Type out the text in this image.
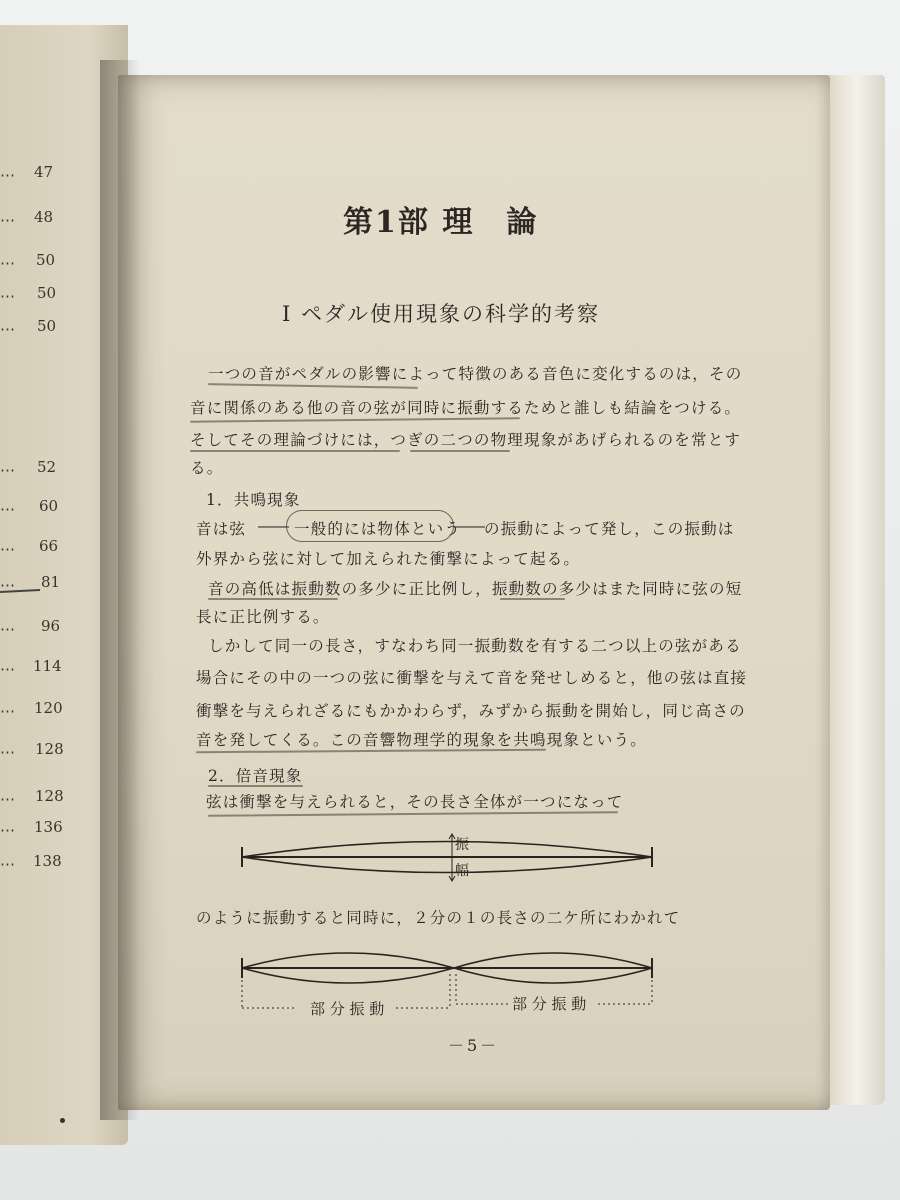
⋯ 47
⋯ 48
⋯ 50
⋯ 50
⋯ 50
⋯ 52
⋯ 60
⋯ 66
⋯ 81
⋯ 96
⋯ 114
⋯ 120
⋯ 128
⋯ 128
⋯ 136
⋯ 138
第1部 理　論
I ペダル使用現象の科学的考察
一つの音がペダルの影響によって特徴のある音色に変化するのは，その
音に関係のある他の音の弦が同時に振動するためと誰しも結論をつける。
そしてその理論づけには，つぎの二つの物理現象があげられるのを常とす
る。
1．共鳴現象
音は弦 ―― 一般的には物体という
―― の振動によって発し，この振動は
外界から弦に対して加えられた衝撃によって起る。
音の高低は振動数の多少に正比例し，振動数の多少はまた同時に弦の短
長に正比例する。
しかして同一の長さ，すなわち同一振動数を有する二つ以上の弦がある
場合にその中の一つの弦に衝撃を与えて音を発せしめると，他の弦は直接
衝撃を与えられざるにもかかわらず，みずから振動を開始し，同じ高さの
音を発してくる。この音響物理学的現象を共鳴現象という。
2．倍音現象
弦は衝撃を与えられると，その長さ全体が一つになって
振
幅
のように振動すると同時に，２分の１の長さの二ケ所にわかれて
部 分 振 動	部 分 振 動
－5－
